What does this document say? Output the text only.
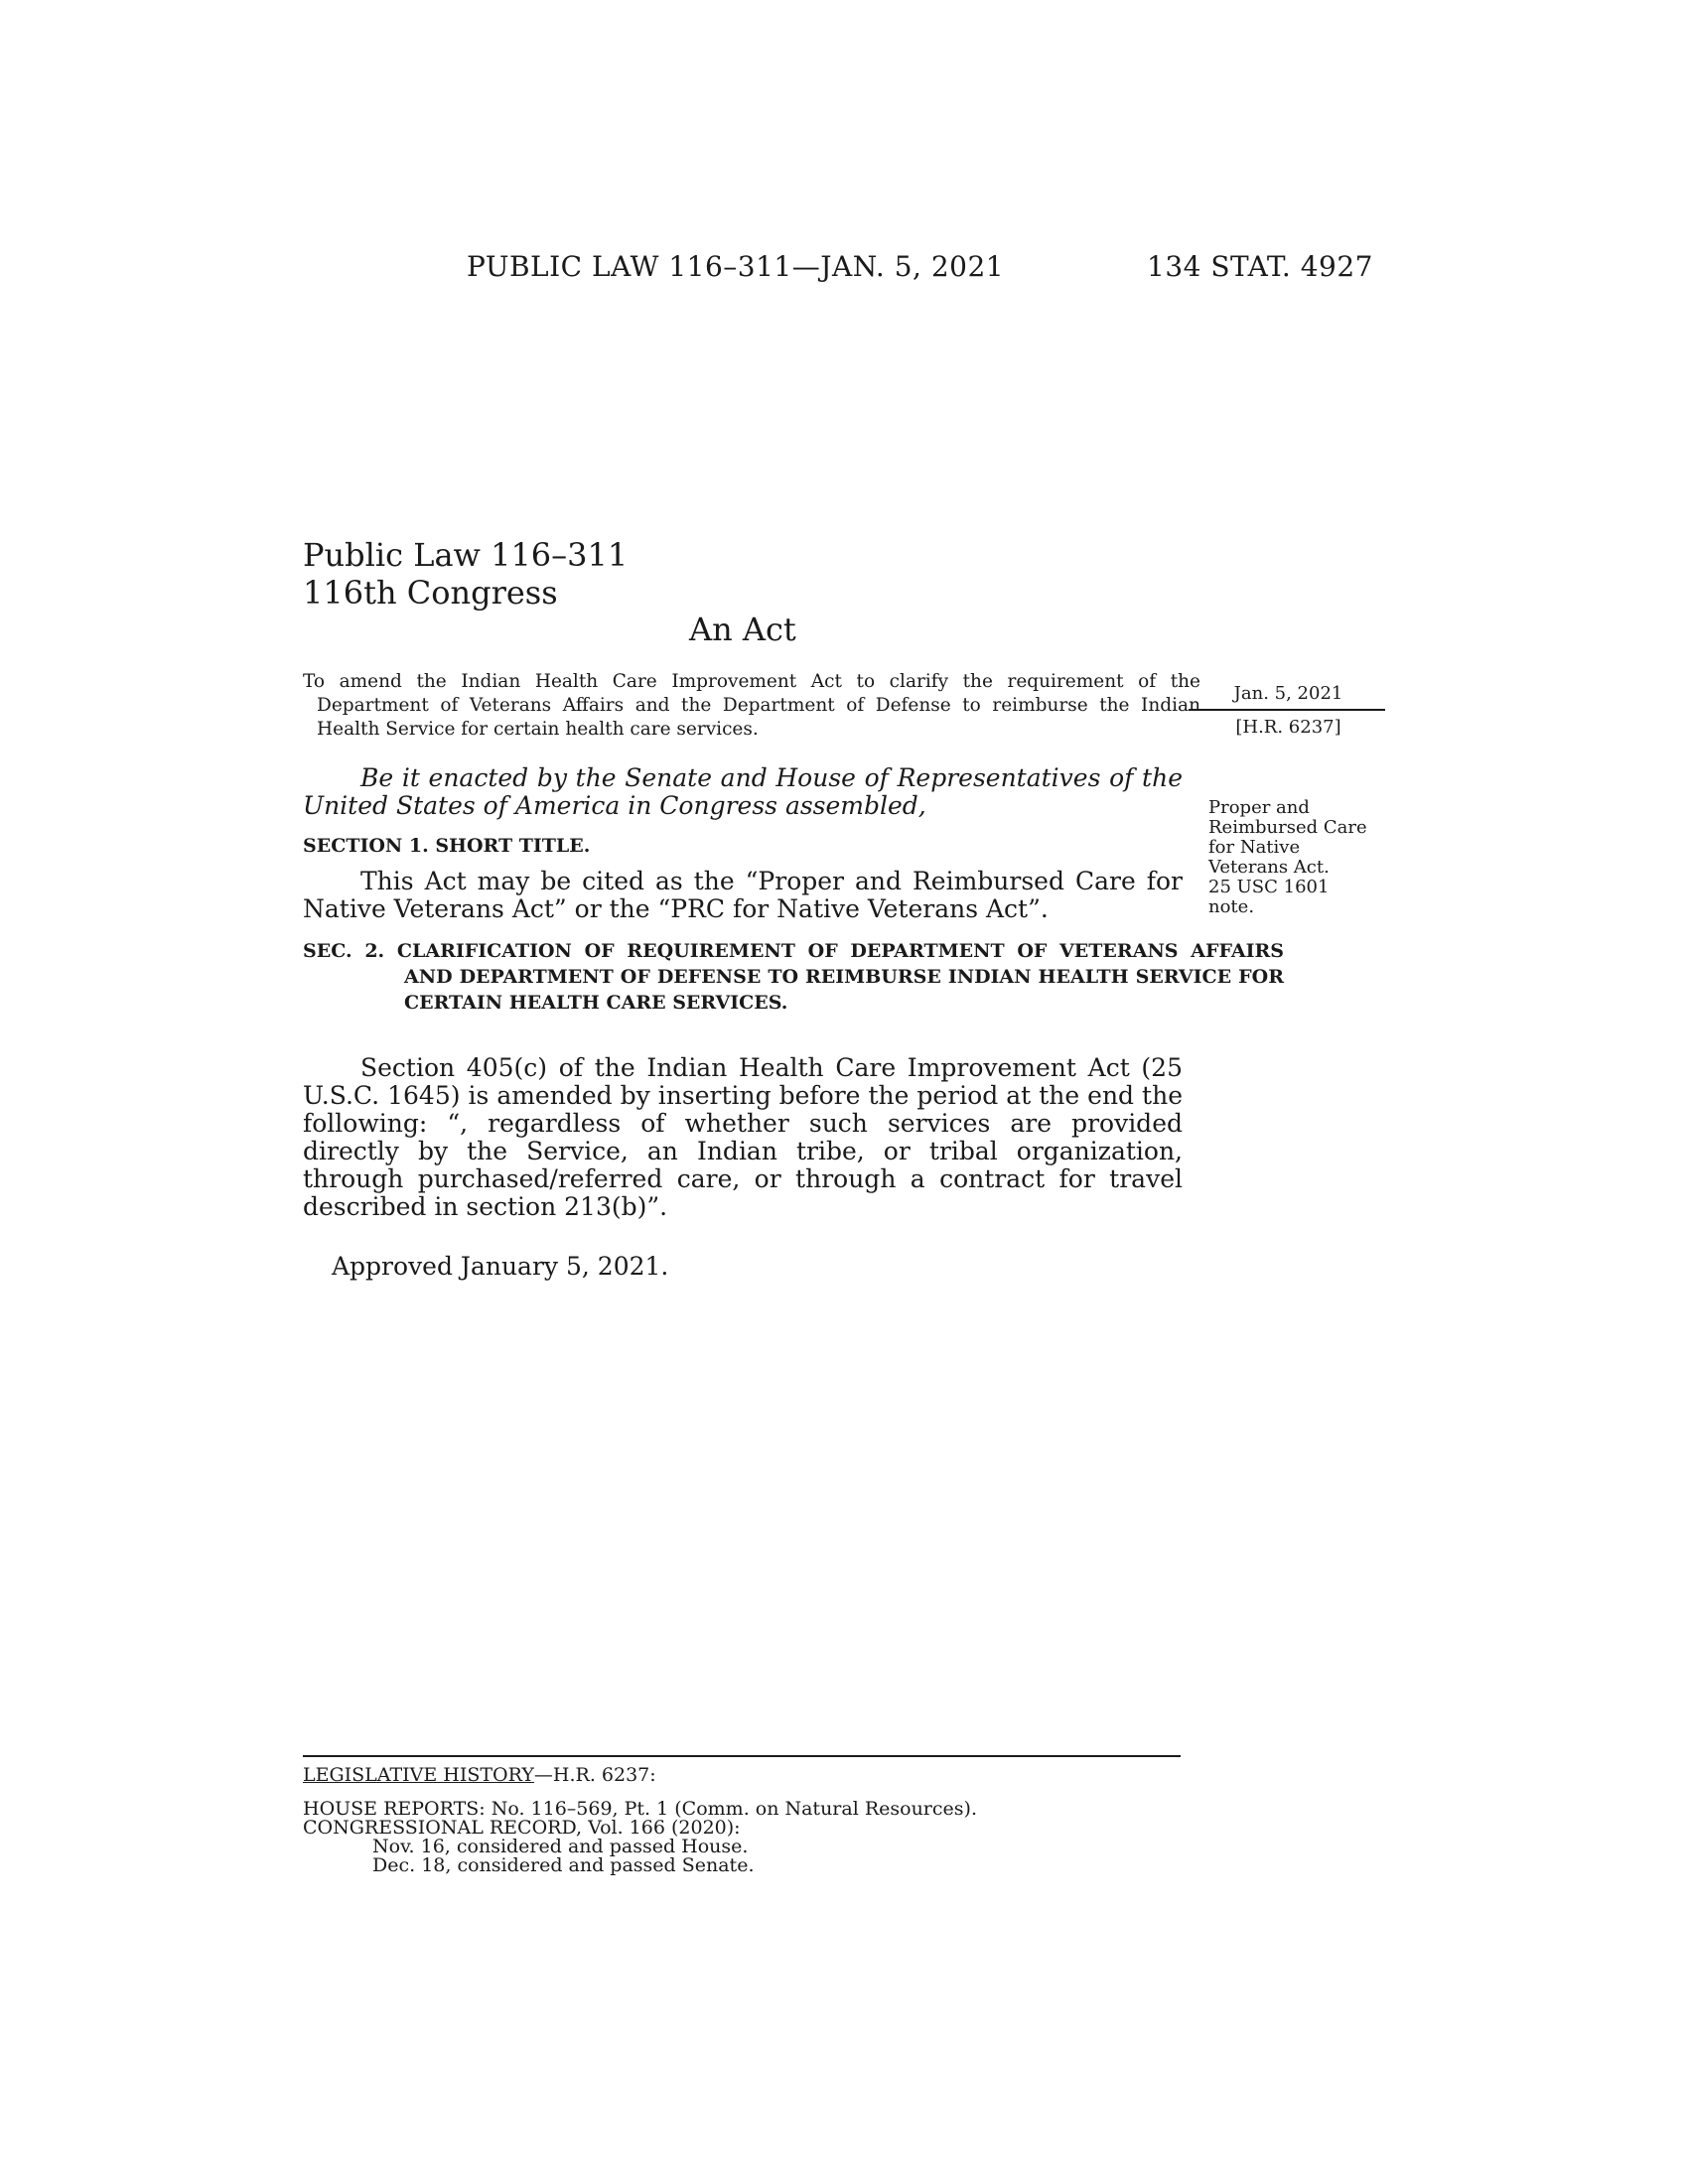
PUBLIC LAW 116–311—JAN. 5, 2021	134 STAT. 4927
Public Law 116–311
116th Congress
An Act
To amend the Indian Health Care Improvement Act to clarify the requirement of the Department of Veterans Affairs and the Department of Defense to reimburse the Indian Health Service for certain health care services.
Jan. 5, 2021
[H.R. 6237]
Proper and
Reimbursed Care
for Native
Veterans Act.
25 USC 1601
note.
Be it enacted by the Senate and House of Representatives of the United States of America in Congress assembled,
SECTION 1. SHORT TITLE.
This Act may be cited as the “Proper and Reimbursed Care for Native Veterans Act” or the “PRC for Native Veterans Act”.
SEC. 2. CLARIFICATION OF REQUIREMENT OF DEPARTMENT OF VETERANS AFFAIRS AND DEPARTMENT OF DEFENSE TO REIMBURSE INDIAN HEALTH SERVICE FOR CERTAIN HEALTH CARE SERVICES.
Section 405(c) of the Indian Health Care Improvement Act (25 U.S.C. 1645) is amended by inserting before the period at the end the following: “, regardless of whether such services are provided directly by the Service, an Indian tribe, or tribal organization, through purchased/referred care, or through a contract for travel described in section 213(b)”.
Approved January 5, 2021.
LEGISLATIVE HISTORY—H.R. 6237:
HOUSE REPORTS: No. 116–569, Pt. 1 (Comm. on Natural Resources).
CONGRESSIONAL RECORD, Vol. 166 (2020):
Nov. 16, considered and passed House.
Dec. 18, considered and passed Senate.
